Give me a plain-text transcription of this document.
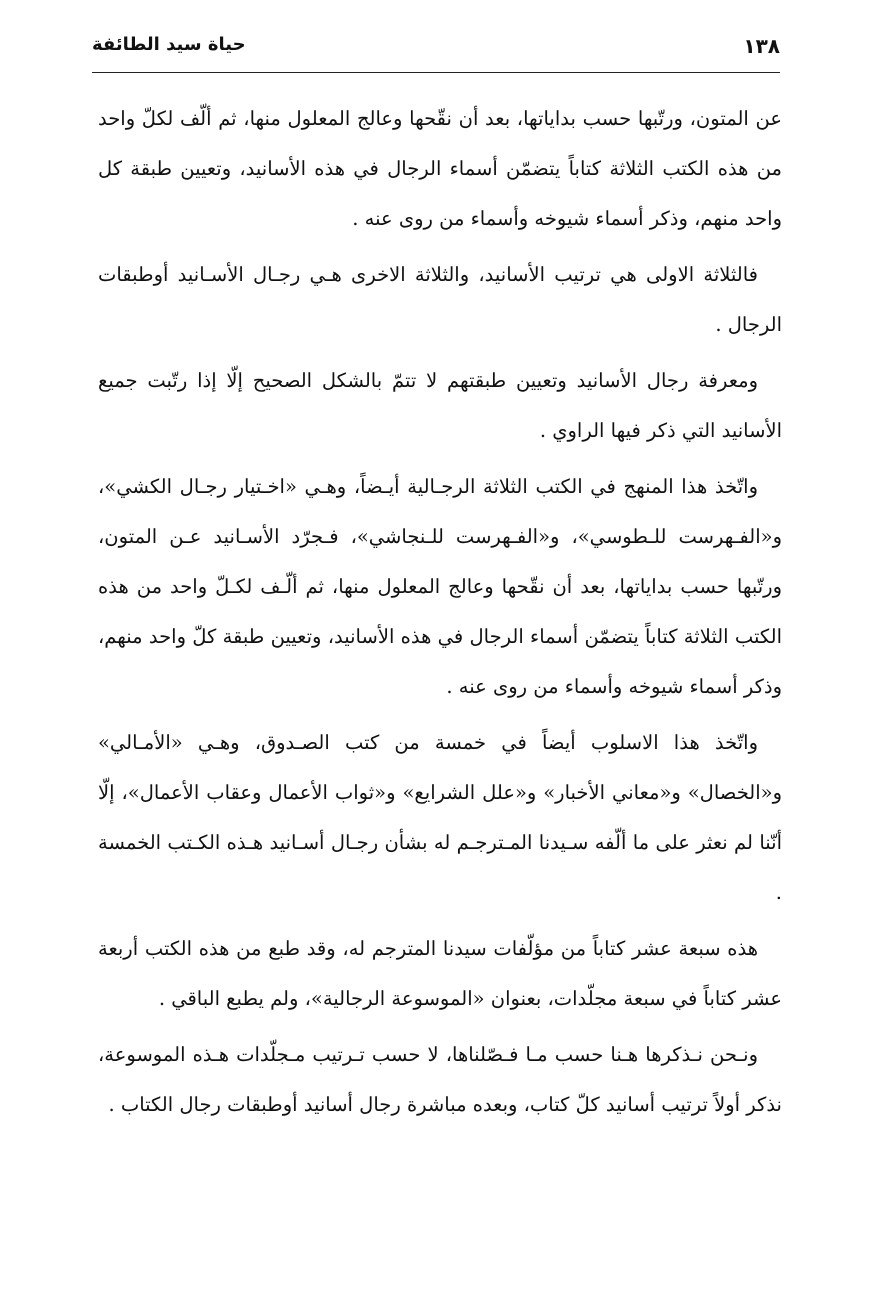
١٣٨
حياة سيد الطائفة

عن المتون، ورتّبها حسب بداياتها، بعد أن نقّحها وعالج المعلول منها، ثم ألّف لكلّ واحد من هذه الكتب الثلاثة كتاباً يتضمّن أسماء الرجال في هذه الأسانيد، وتعيين طبقة كل واحد منهم، وذكر أسماء شيوخه وأسماء من روى عنه .

فالثلاثة الاولى هي ترتيب الأسانيد، والثلاثة الاخرى هـي رجـال الأسـانيد أوطبقات الرجال .

ومعرفة رجال الأسانيد وتعيين طبقتهم لا تتمّ بالشكل الصحيح إلّا إذا رتّبت جميع الأسانيد التي ذكر فيها الراوي .

واتّخذ هذا المنهج في الكتب الثلاثة الرجـالية أيـضاً، وهـي «اخـتيار رجـال الكشي»، و«الفـهرست للـطوسي»، و«الفـهرست للـنجاشي»، فـجرّد الأسـانيد عـن المتون، ورتّبها حسب بداياتها، بعد أن نقّحها وعالج المعلول منها، ثم ألّـف لكـلّ واحد من هذه الكتب الثلاثة كتاباً يتضمّن أسماء الرجال في هذه الأسانيد، وتعيين طبقة كلّ واحد منهم، وذكر أسماء شيوخه وأسماء من روى عنه .

واتّخذ هذا الاسلوب أيضاً في خمسة من كتب الصـدوق، وهـي «الأمـالي» و«الخصال» و«معاني الأخبار» و«علل الشرايع» و«ثواب الأعمال وعقاب الأعمال»، إلّا أنّنا لم نعثر على ما ألّفه سـيدنا المـترجـم له بشأن رجـال أسـانيد هـذه الكـتب الخمسة .

هذه سبعة عشر كتاباً من مؤلّفات سيدنا المترجم له، وقد طبع من هذه الكتب أربعة عشر كتاباً في سبعة مجلّدات، بعنوان «الموسوعة الرجالية»، ولم يطبع الباقي .

ونـحن نـذكرها هـنا حسب مـا فـصّلناها، لا حسب تـرتيب مـجلّدات هـذه الموسوعة، نذكر أولاً ترتيب أسانيد كلّ كتاب، وبعده مباشرة رجال أسانيد أوطبقات رجال الكتاب .
